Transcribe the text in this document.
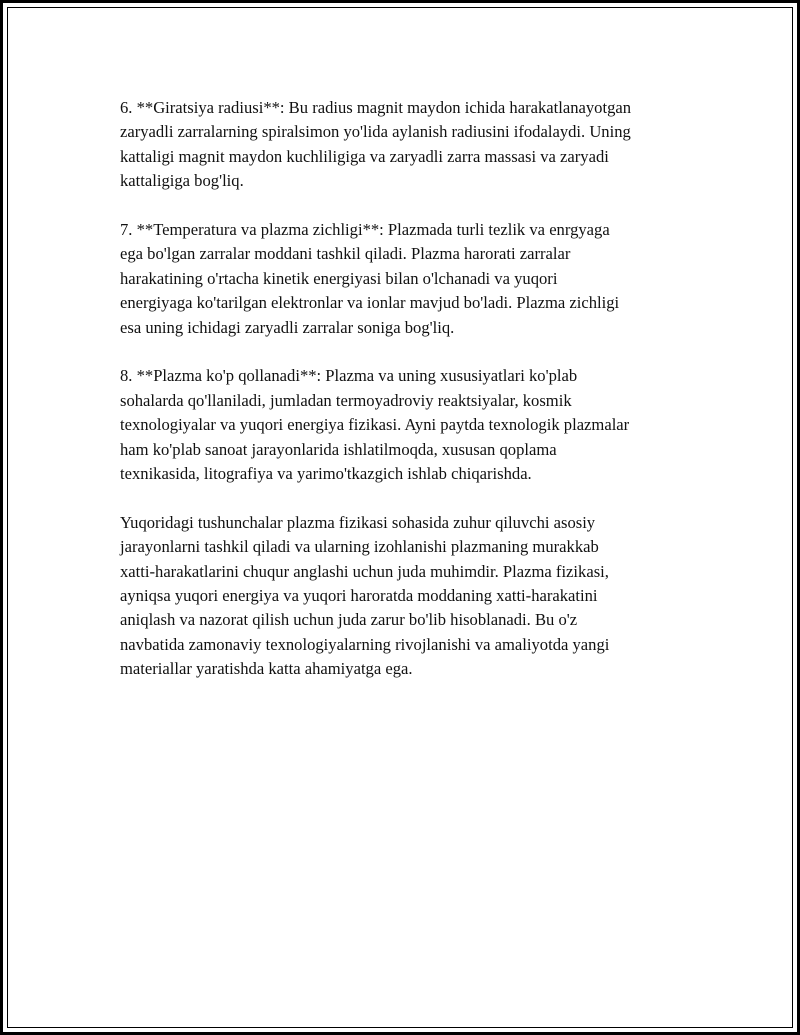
6. **Giratsiya radiusi**: Bu radius magnit maydon ichida harakatlanayotgan
zaryadli zarralarning spiralsimon yo'lida aylanish radiusini ifodalaydi. Uning
kattaligi magnit maydon kuchliligiga va zaryadli zarra massasi va zaryadi
kattaligiga bog'liq.

7. **Temperatura va plazma zichligi**: Plazmada turli tezlik va enrgyaga
ega bo'lgan zarralar moddani tashkil qiladi. Plazma harorati zarralar
harakatining o'rtacha kinetik energiyasi bilan o'lchanadi va yuqori
energiyaga ko'tarilgan elektronlar va ionlar mavjud bo'ladi. Plazma zichligi
esa uning ichidagi zaryadli zarralar soniga bog'liq.

8. **Plazma ko'p qollanadi**: Plazma va uning xususiyatlari ko'plab
sohalarda qo'llaniladi, jumladan termoyadroviy reaktsiyalar, kosmik
texnologiyalar va yuqori energiya fizikasi. Ayni paytda texnologik plazmalar
ham ko'plab sanoat jarayonlarida ishlatilmoqda, xususan qoplama
texnikasida, litografiya va yarimo'tkazgich ishlab chiqarishda.

Yuqoridagi tushunchalar plazma fizikasi sohasida zuhur qiluvchi asosiy
jarayonlarni tashkil qiladi va ularning izohlanishi plazmaning murakkab
xatti-harakatlarini chuqur anglashi uchun juda muhimdir. Plazma fizikasi,
ayniqsa yuqori energiya va yuqori haroratda moddaning xatti-harakatini
aniqlash va nazorat qilish uchun juda zarur bo'lib hisoblanadi. Bu o'z
navbatida zamonaviy texnologiyalarning rivojlanishi va amaliyotda yangi
materiallar yaratishda katta ahamiyatga ega.
